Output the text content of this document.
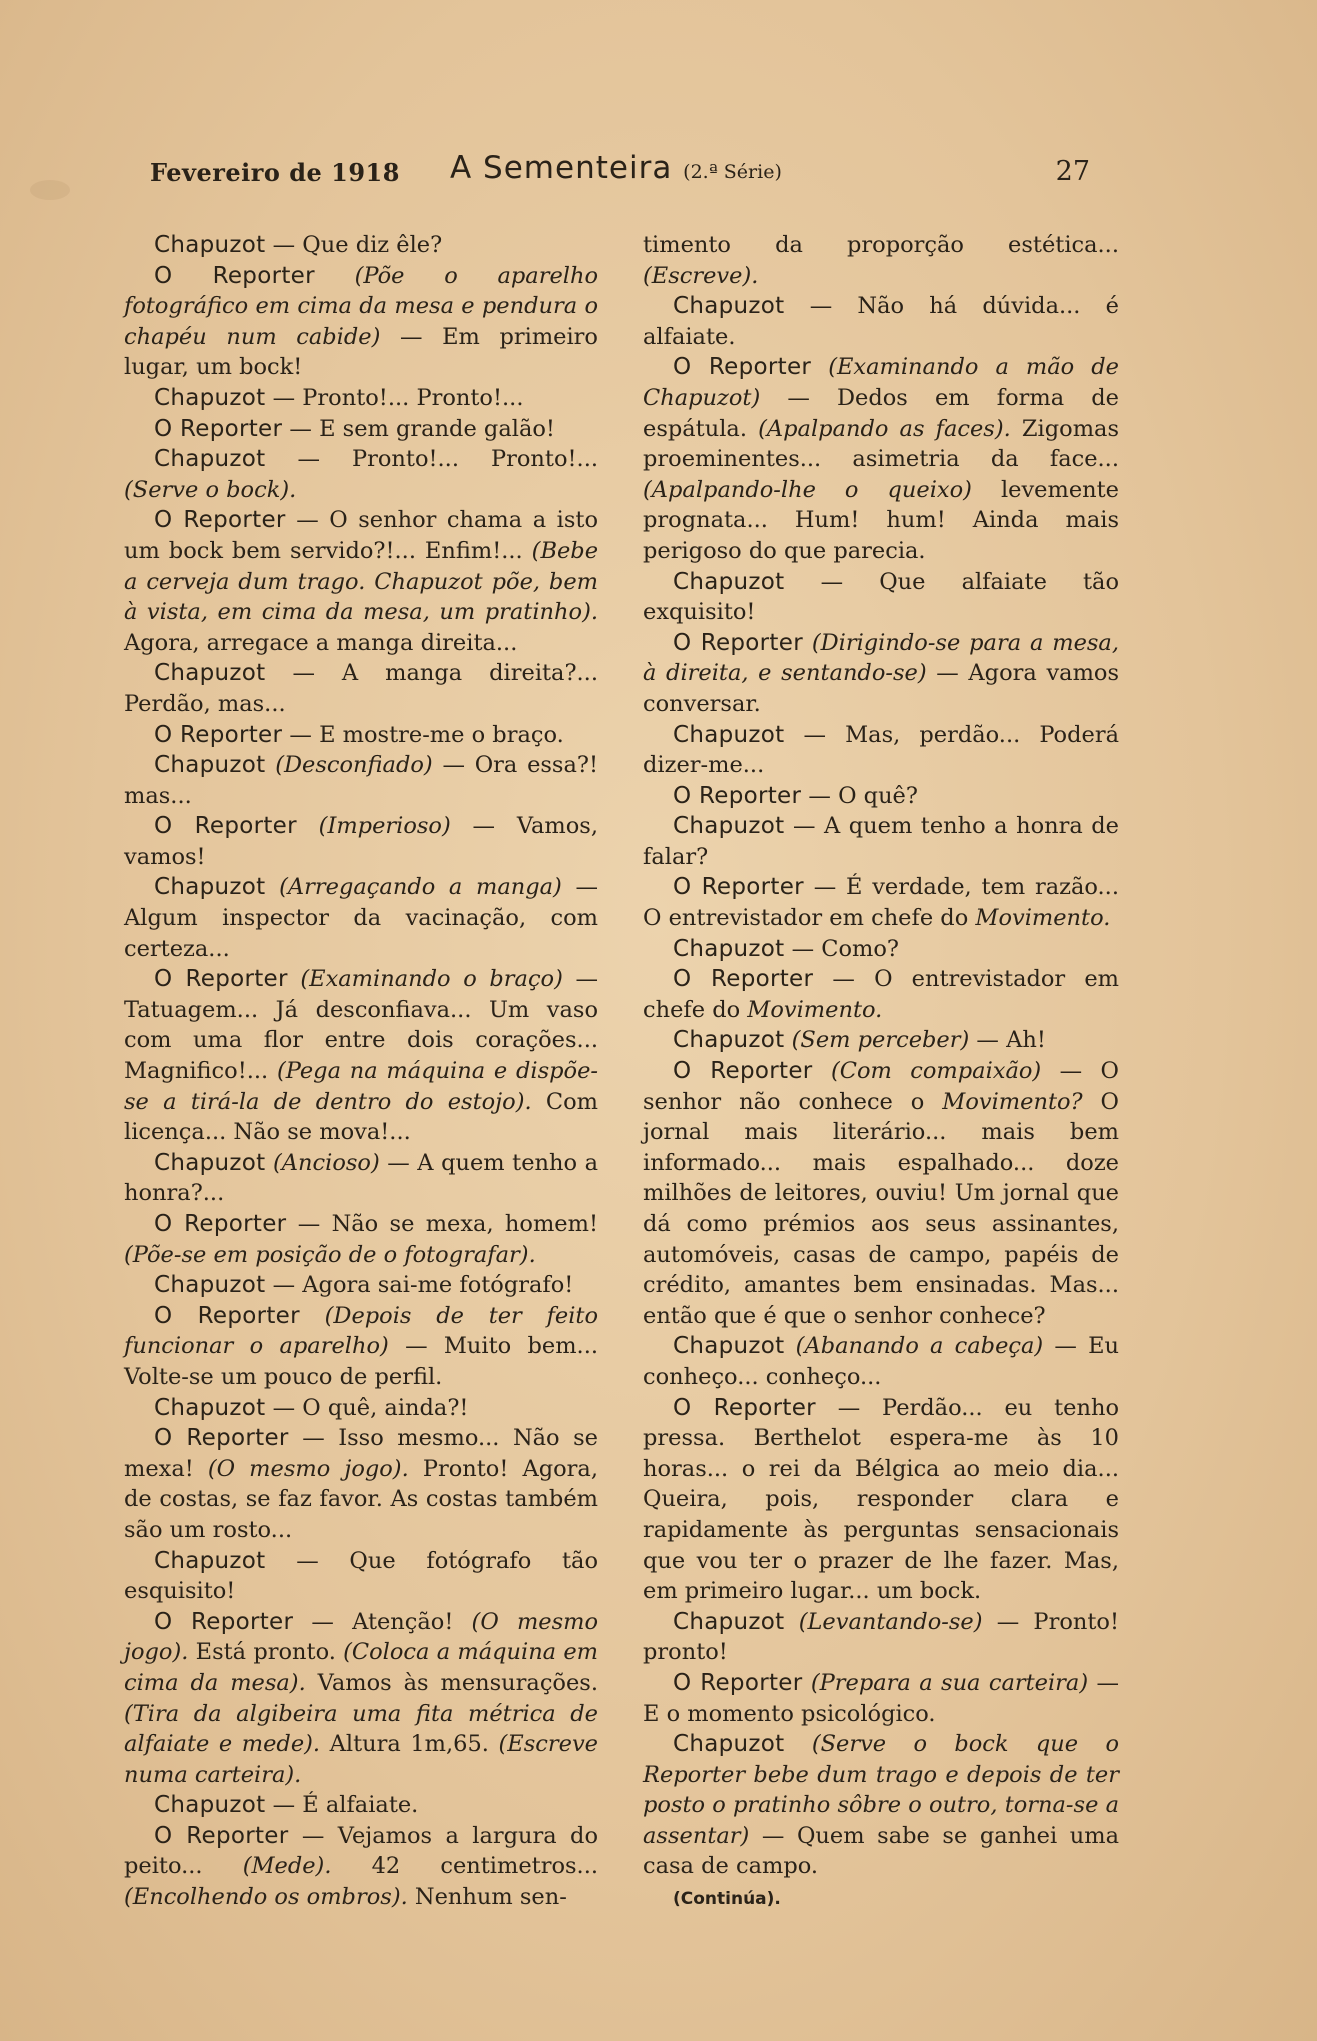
Fevereiro de 1918 A Sementeira (2.ª Série)	27

Chapuzot — Que diz êle?

O Reporter (Põe o aparelho fotográfico em cima da mesa e pendura o chapéu num cabide) — Em primeiro lugar, um bock!

Chapuzot — Pronto!... Pronto!...

O Reporter — E sem grande galão!

Chapuzot — Pronto!... Pronto!... (Serve o bock).

O Reporter — O senhor chama a isto um bock bem servido?!... Enfim!... (Bebe a cerveja dum trago. Chapuzot põe, bem à vista, em cima da mesa, um pratinho). Agora, arregace a manga direita...

Chapuzot — A manga direita?... Perdão, mas...

O Reporter — E mostre-me o braço.

Chapuzot (Desconfiado) — Ora essa?! mas...

O Reporter (Imperioso) — Vamos, vamos!

Chapuzot (Arregaçando a manga) — Algum inspector da vacinação, com certeza...

O Reporter (Examinando o braço) — Tatuagem... Já desconfiava... Um vaso com uma flor entre dois corações... Magnifico!... (Pega na máquina e dispõe-se a tirá-la de dentro do estojo). Com licença... Não se mova!...

Chapuzot (Ancioso) — A quem tenho a honra?...

O Reporter — Não se mexa, homem! (Põe-se em posição de o fotografar).

Chapuzot — Agora sai-me fotógrafo!

O Reporter (Depois de ter feito funcionar o aparelho) — Muito bem... Volte-se um pouco de perfil.

Chapuzot — O quê, ainda?!

O Reporter — Isso mesmo... Não se mexa! (O mesmo jogo). Pronto! Agora, de costas, se faz favor. As costas também são um rosto...

Chapuzot — Que fotógrafo tão esquisito!

O Reporter — Atenção! (O mesmo jogo). Está pronto. (Coloca a máquina em cima da mesa). Vamos às mensurações. (Tira da algibeira uma fita métrica de alfaiate e mede). Altura 1m,65. (Escreve numa carteira).

Chapuzot — É alfaiate.

O Reporter — Vejamos a largura do peito... (Mede). 42 centimetros... (Encolhendo os ombros). Nenhum sen-

timento da proporção estética... (Escreve).

Chapuzot — Não há dúvida... é alfaiate.

O Reporter (Examinando a mão de Chapuzot) — Dedos em forma de espátula. (Apalpando as faces). Zigomas proeminentes... asimetria da face... (Apalpando-lhe o queixo) levemente prognata... Hum! hum! Ainda mais perigoso do que parecia.

Chapuzot — Que alfaiate tão exquisito!

O Reporter (Dirigindo-se para a mesa, à direita, e sentando-se) — Agora vamos conversar.

Chapuzot — Mas, perdão... Poderá dizer-me...

O Reporter — O quê?

Chapuzot — A quem tenho a honra de falar?

O Reporter — É verdade, tem razão... O entrevistador em chefe do Movimento.

Chapuzot — Como?

O Reporter — O entrevistador em chefe do Movimento.

Chapuzot (Sem perceber) — Ah!

O Reporter (Com compaixão) — O senhor não conhece o Movimento? O jornal mais literário... mais bem informado... mais espalhado... doze milhões de leitores, ouviu! Um jornal que dá como prémios aos seus assinantes, automóveis, casas de campo, papéis de crédito, amantes bem ensinadas. Mas... então que é que o senhor conhece?

Chapuzot (Abanando a cabeça) — Eu conheço... conheço...

O Reporter — Perdão... eu tenho pressa. Berthelot espera-me às 10 horas... o rei da Bélgica ao meio dia... Queira, pois, responder clara e rapidamente às perguntas sensacionais que vou ter o prazer de lhe fazer. Mas, em primeiro lugar... um bock.

Chapuzot (Levantando-se) — Pronto! pronto!

O Reporter (Prepara a sua carteira) — E o momento psicológico.

Chapuzot (Serve o bock que o Reporter bebe dum trago e depois de ter posto o pratinho sôbre o outro, torna-se a assentar) — Quem sabe se ganhei uma casa de campo.

(Continúa).
